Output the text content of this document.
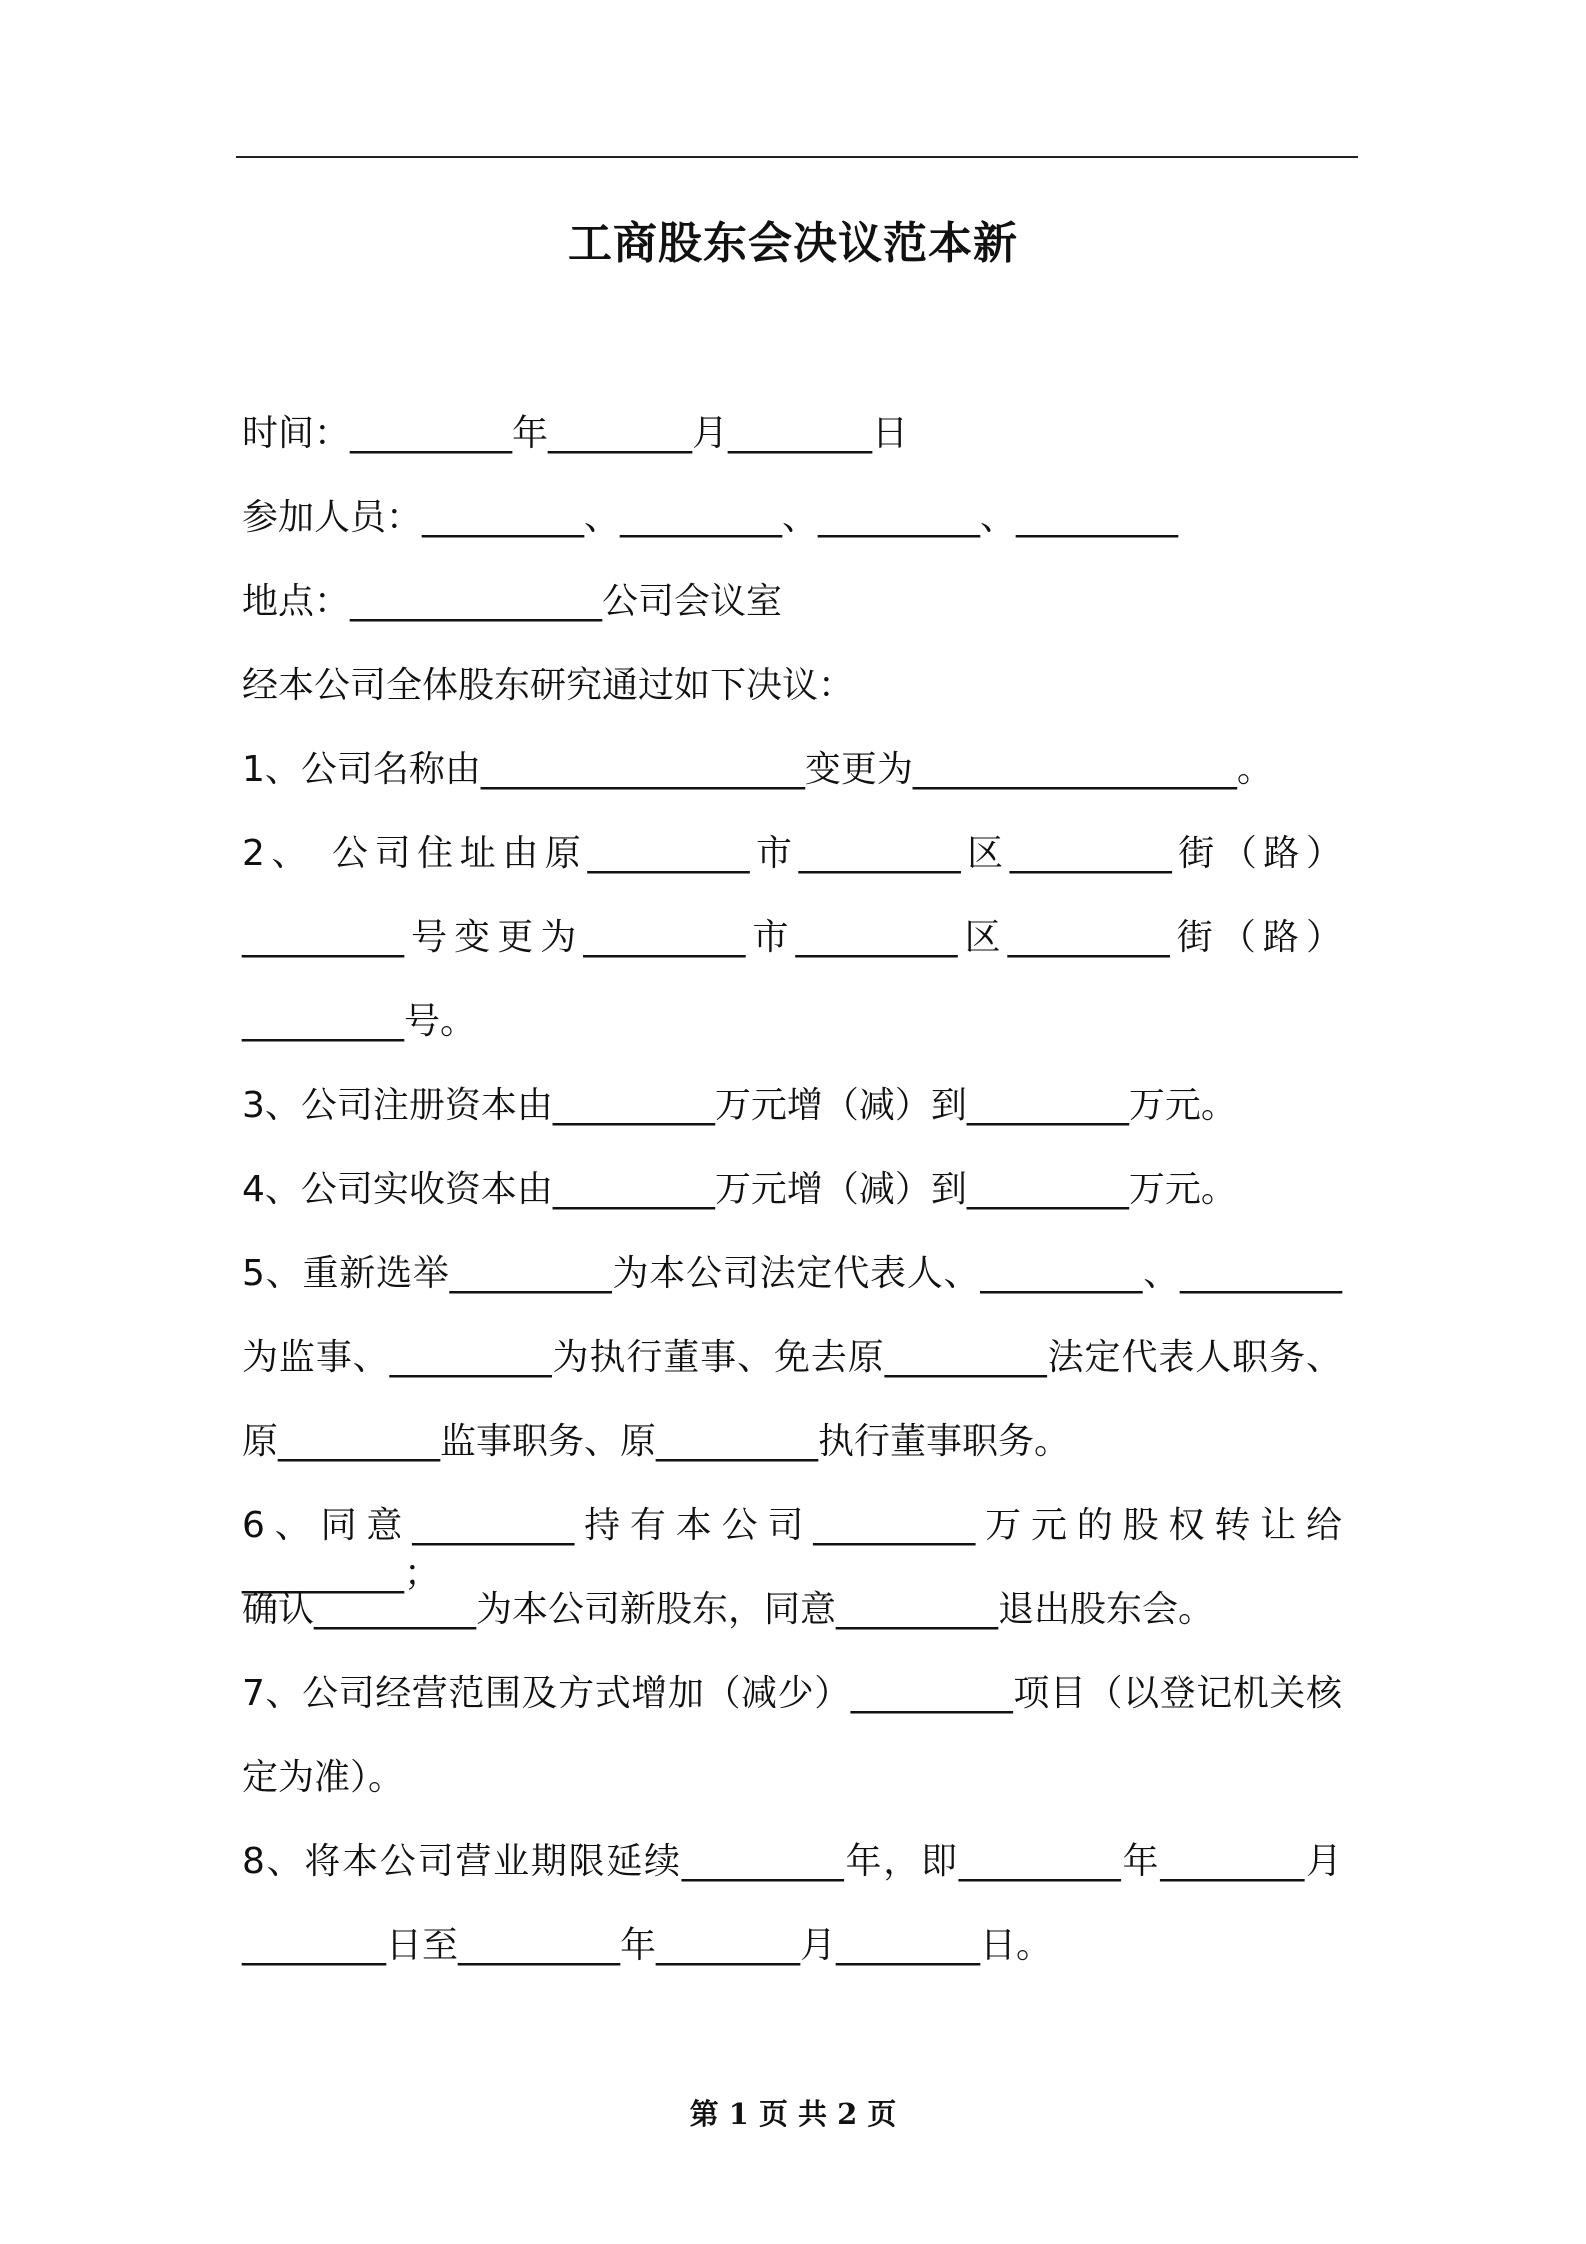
工商股东会决议范本新
时间：_________年________月________日
参加人员：_________、_________、_________、_________
地点：______________公司会议室
经本公司全体股东研究通过如下决议：
1、公司名称由__________________变更为__________________。
2、 公司住址由原_________市_________区_________街（路）
_________号变更为_________市_________区_________街（路）
_________号。
3、公司注册资本由_________万元增（减）到_________万元。
4、公司实收资本由_________万元增（减）到_________万元。
5、重新选举_________为本公司法定代表人、_________、_________
为监事、_________为执行董事、免去原_________法定代表人职务、
原_________监事职务、原_________执行董事职务。
6、同意_________持有本公司_________万元的股权转让给_________；
确认_________为本公司新股东，同意_________退出股东会。
7、公司经营范围及方式增加（减少）_________项目（以登记机关核
定为准）。
8、将本公司营业期限延续_________年，即_________年________月
________日至_________年________月________日。
第 1 页 共 2 页
